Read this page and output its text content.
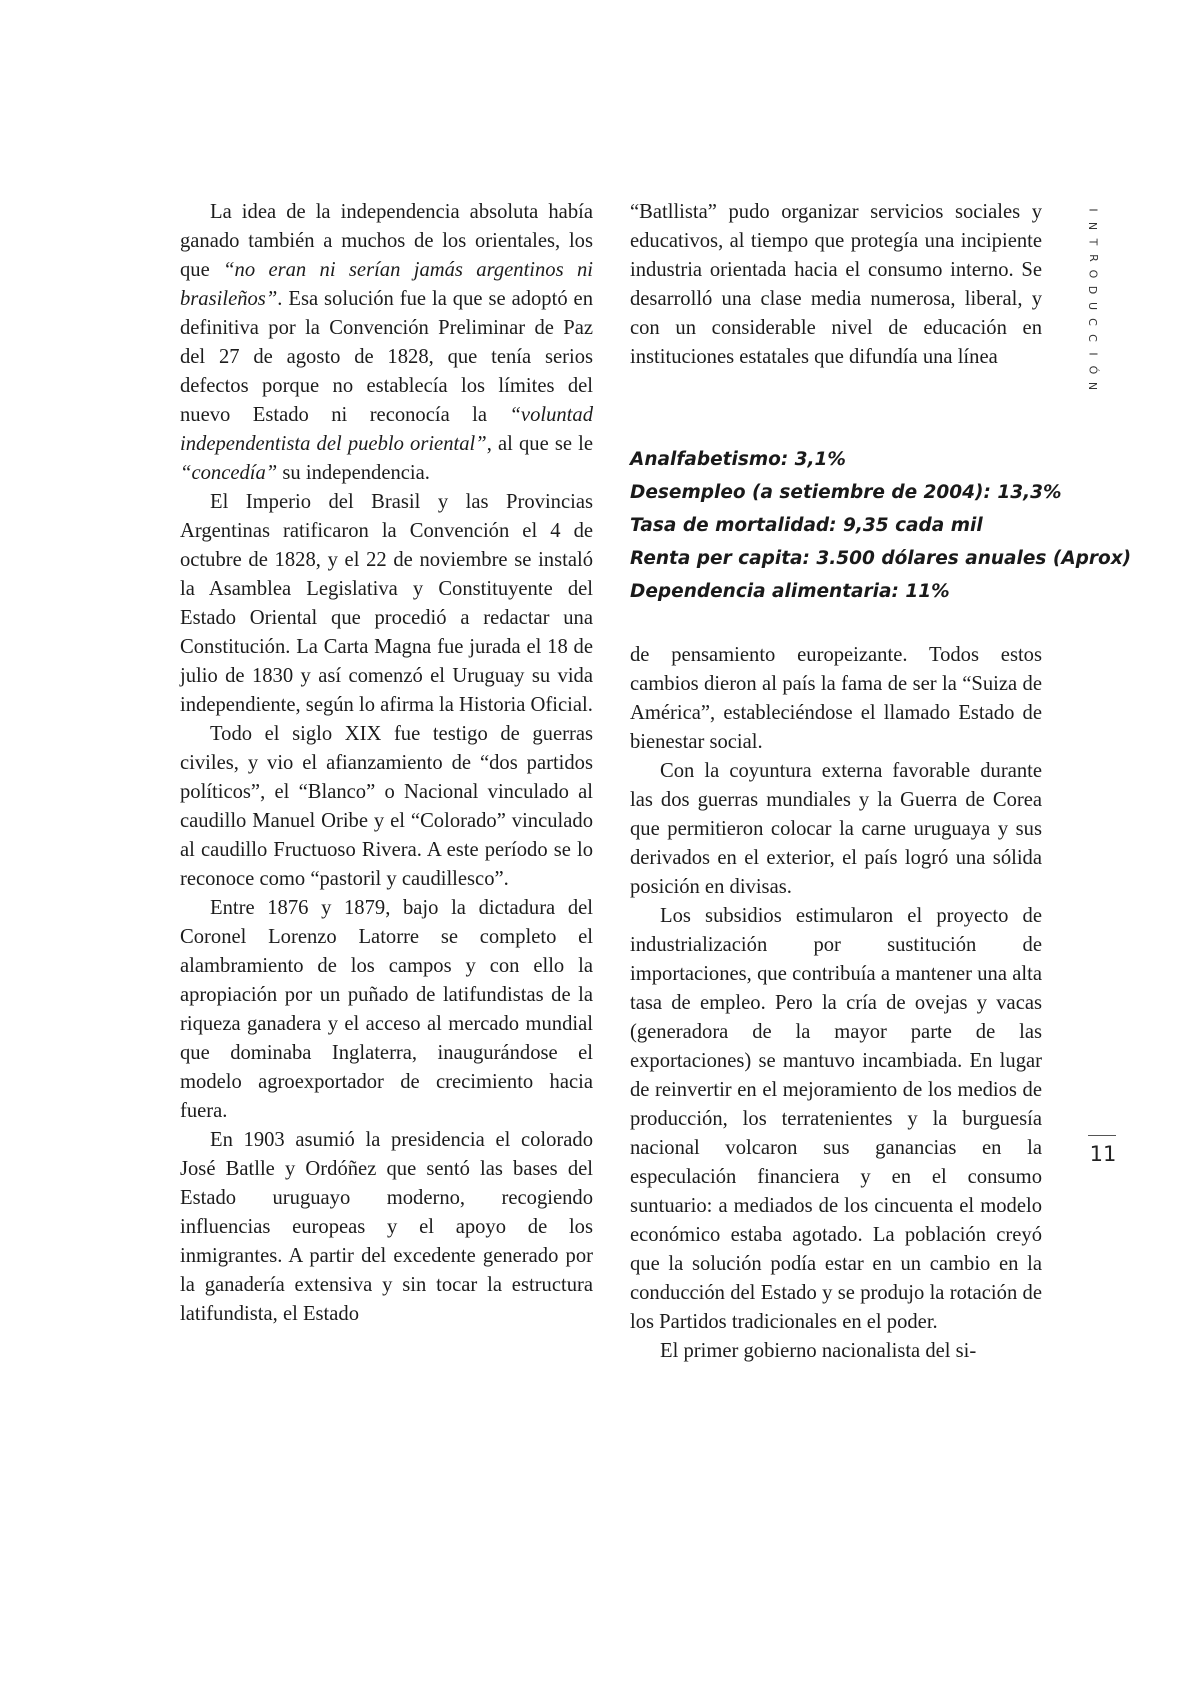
La idea de la independencia absoluta había ganado también a muchos de los orientales, los que “no eran ni serían jamás argentinos ni brasileños”. Esa solución fue la que se adoptó en definitiva por la Convención Preliminar de Paz del 27 de agosto de 1828, que tenía serios defectos porque no establecía los límites del nuevo Estado ni reconocía la “voluntad independentista del pueblo oriental”, al que se le “concedía” su independencia.

El Imperio del Brasil y las Provincias Argentinas ratificaron la Convención el 4 de octubre de 1828, y el 22 de noviembre se instaló la Asamblea Legislativa y Constituyente del Estado Oriental que procedió a redactar una Constitución. La Carta Magna fue jurada el 18 de julio de 1830 y así comenzó el Uruguay su vida independiente, según lo afirma la Historia Oficial.

Todo el siglo XIX fue testigo de guerras civiles, y vio el afianzamiento de “dos partidos políticos”, el “Blanco” o Nacional vinculado al caudillo Manuel Oribe y el “Colorado” vinculado al caudillo Fructuoso Rivera. A este período se lo reconoce como “pastoril y caudillesco”.

Entre 1876 y 1879, bajo la dictadura del Coronel Lorenzo Latorre se completo el alambramiento de los campos y con ello la apropiación por un puñado de latifundistas de la riqueza ganadera y el acceso al mercado mundial que dominaba Inglaterra, inaugurándose el modelo agroexportador de crecimiento hacia fuera.

En 1903 asumió la presidencia el colorado José Batlle y Ordóñez que sentó las bases del Estado uruguayo moderno, recogiendo influencias europeas y el apoyo de los inmigrantes. A partir del excedente generado por la ganadería extensiva y sin tocar la estructura latifundista, el Estado

“Batllista” pudo organizar servicios sociales y educativos, al tiempo que protegía una incipiente industria orientada hacia el consumo interno. Se desarrolló una clase media numerosa, liberal, y con un considerable nivel de educación en instituciones estatales que difundía una línea

Analfabetismo: 3,1%
Desempleo (a setiembre de 2004): 13,3%
Tasa de mortalidad: 9,35 cada mil
Renta per capita: 3.500 dólares anuales (Aprox)
Dependencia alimentaria: 11%

de pensamiento europeizante. Todos estos cambios dieron al país la fama de ser la “Suiza de América”, estableciéndose el llamado Estado de bienestar social.

Con la coyuntura externa favorable durante las dos guerras mundiales y la Guerra de Corea que permitieron colocar la carne uruguaya y sus derivados en el exterior, el país logró una sólida posición en divisas.

Los subsidios estimularon el proyecto de industrialización por sustitución de importaciones, que contribuía a mantener una alta tasa de empleo. Pero la cría de ovejas y vacas (generadora de la mayor parte de las exportaciones) se mantuvo incambiada. En lugar de reinvertir en el mejoramiento de los medios de producción, los terratenientes y la burguesía nacional volcaron sus ganancias en la especulación financiera y en el consumo suntuario: a mediados de los cincuenta el modelo económico estaba agotado. La población creyó que la solución podía estar en un cambio en la conducción del Estado y se produjo la rotación de los Partidos tradicionales en el poder.

El primer gobierno nacionalista del si-

I
N
T
R
O
D
U
C
C
I
Ó
N
11
